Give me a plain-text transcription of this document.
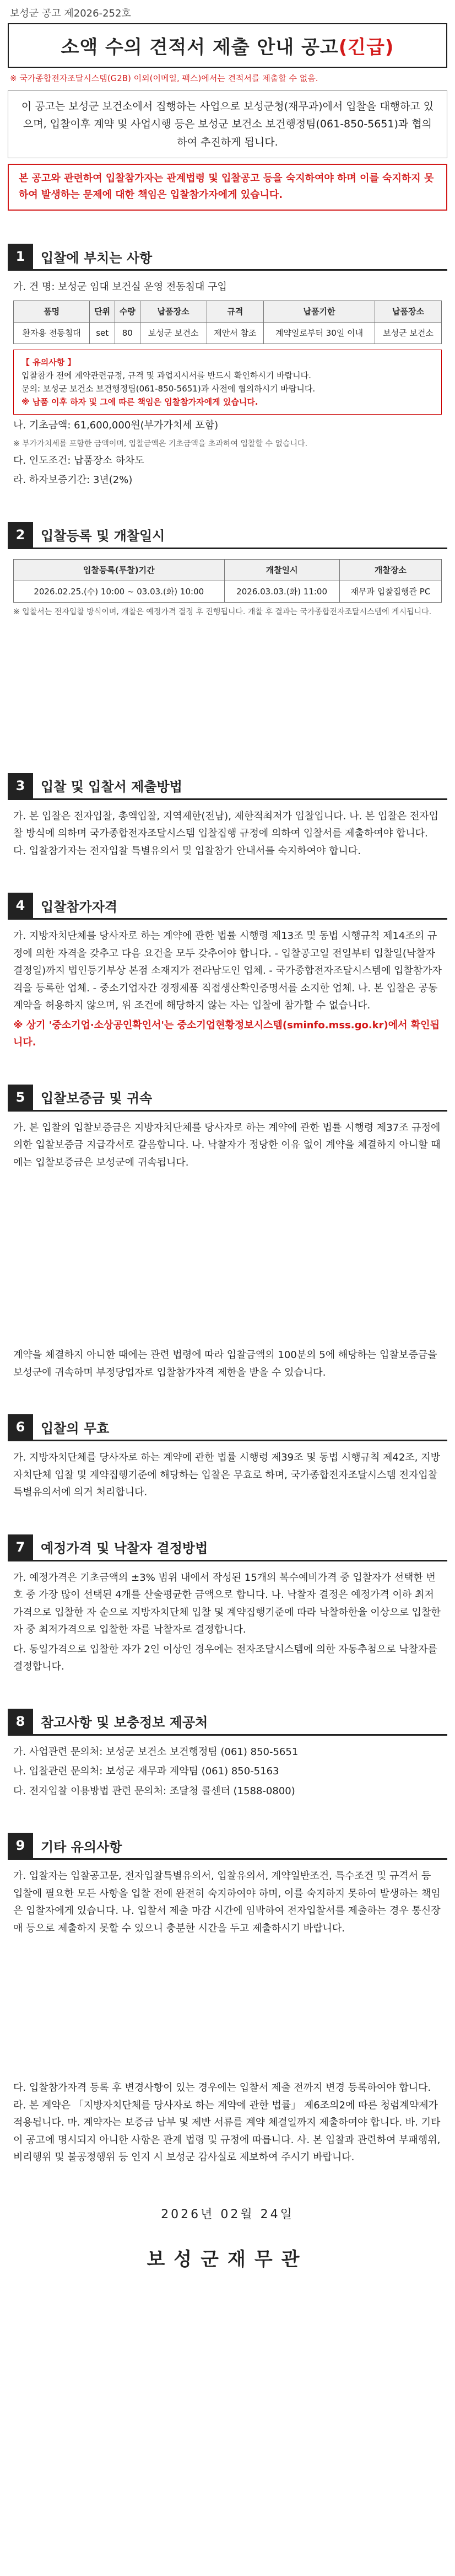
보성군 공고 제2026-252호
소액 수의 견적서 제출 안내 공고(긴급)
※ 국가종합전자조달시스템(G2B) 이외(이메일, 팩스)에서는 견적서를 제출할 수 없음.
이 공고는 보성군 보건소에서 집행하는 사업으로 보성군청(재무과)에서 입찰을 대행하고 있으며, 입찰이후 계약 및 사업시행 등은 보성군 보건소 보건행정팀(061-850-5651)과 협의하여 추진하게 됩니다.
본 공고와 관련하여 입찰참가자는 관계법령 및 입찰공고 등을 숙지하여야 하며 이를 숙지하지 못하여 발생하는 문제에 대한 책임은 입찰참가자에게 있습니다.
1	입찰에 부치는 사항

가. 건 명: 보성군 임대 보건실 운영 전동침대 구입

품명	단위	수량	납품장소	규격	납품기한	납품장소
환자용 전동침대	set	80	보성군 보건소	제안서 참조	계약일로부터 30일 이내	보성군 보건소
【 유의사항 】
입찰참가 전에 계약관련규정, 규격 및 과업지시서를 반드시 확인하시기 바랍니다.
문의: 보성군 보건소 보건행정팀(061-850-5651)과 사전에 협의하시기 바랍니다.
※ 납품 이후 하자 및 그에 따른 책임은 입찰참가자에게 있습니다.

나. 기초금액: 61,600,000원(부가가치세 포함)

※ 부가가치세를 포함한 금액이며, 입찰금액은 기초금액을 초과하여 입찰할 수 없습니다.

다. 인도조건: 납품장소 하차도

라. 하자보증기간: 3년(2%)

2	입찰등록 및 개찰일시
입찰등록(투찰)기간	개찰일시	개찰장소
2026.02.25.(수) 10:00 ~ 03.03.(화) 10:00	2026.03.03.(화) 11:00	재무과 입찰집행관 PC
※ 입찰서는 전자입찰 방식이며, 개찰은 예정가격 결정 후 진행됩니다. 개찰 후 결과는 국가종합전자조달시스템에 게시됩니다.
3	입찰 및 입찰서 제출방법

가. 본 입찰은 전자입찰, 총액입찰, 지역제한(전남), 제한적최저가 입찰입니다. 나. 본 입찰은 전자입찰 방식에 의하며 국가종합전자조달시스템 입찰집행 규정에 의하여 입찰서를 제출하여야 합니다. 다. 입찰참가자는 전자입찰 특별유의서 및 입찰참가 안내서를 숙지하여야 합니다.

4	입찰참가자격

가. 지방자치단체를 당사자로 하는 계약에 관한 법률 시행령 제13조 및 동법 시행규칙 제14조의 규정에 의한 자격을 갖추고 다음 요건을 모두 갖추어야 합니다. - 입찰공고일 전일부터 입찰일(낙찰자 결정일)까지 법인등기부상 본점 소재지가 전라남도인 업체. - 국가종합전자조달시스템에 입찰참가자격을 등록한 업체. - 중소기업자간 경쟁제품 직접생산확인증명서를 소지한 업체. 나. 본 입찰은 공동계약을 허용하지 않으며, 위 조건에 해당하지 않는 자는 입찰에 참가할 수 없습니다.

※ 상기 '중소기업·소상공인확인서'는 중소기업현황정보시스템(sminfo.mss.go.kr)에서 확인됩니다.

5	입찰보증금 및 귀속

가. 본 입찰의 입찰보증금은 지방자치단체를 당사자로 하는 계약에 관한 법률 시행령 제37조 규정에 의한 입찰보증금 지급각서로 갈음합니다. 나. 낙찰자가 정당한 이유 없이 계약을 체결하지 아니할 때에는 입찰보증금은 보성군에 귀속됩니다.

계약을 체결하지 아니한 때에는 관련 법령에 따라 입찰금액의 100분의 5에 해당하는 입찰보증금을 보성군에 귀속하며 부정당업자로 입찰참가자격 제한을 받을 수 있습니다.

6	입찰의 무효

가. 지방자치단체를 당사자로 하는 계약에 관한 법률 시행령 제39조 및 동법 시행규칙 제42조, 지방자치단체 입찰 및 계약집행기준에 해당하는 입찰은 무효로 하며, 국가종합전자조달시스템 전자입찰 특별유의서에 의거 처리합니다.

7	예정가격 및 낙찰자 결정방법

가. 예정가격은 기초금액의 ±3% 범위 내에서 작성된 15개의 복수예비가격 중 입찰자가 선택한 번호 중 가장 많이 선택된 4개를 산술평균한 금액으로 합니다. 나. 낙찰자 결정은 예정가격 이하 최저가격으로 입찰한 자 순으로 지방자치단체 입찰 및 계약집행기준에 따라 낙찰하한율 이상으로 입찰한 자 중 최저가격으로 입찰한 자를 낙찰자로 결정합니다.

다. 동일가격으로 입찰한 자가 2인 이상인 경우에는 전자조달시스템에 의한 자동추첨으로 낙찰자를 결정합니다.

8	참고사항 및 보충정보 제공처

가. 사업관련 문의처: 보성군 보건소 보건행정팀 (061) 850-5651

나. 입찰관련 문의처: 보성군 재무과 계약팀 (061) 850-5163

다. 전자입찰 이용방법 관련 문의처: 조달청 콜센터 (1588-0800)

9	기타 유의사항

가. 입찰자는 입찰공고문, 전자입찰특별유의서, 입찰유의서, 계약일반조건, 특수조건 및 규격서 등 입찰에 필요한 모든 사항을 입찰 전에 완전히 숙지하여야 하며, 이를 숙지하지 못하여 발생하는 책임은 입찰자에게 있습니다. 나. 입찰서 제출 마감 시간에 임박하여 전자입찰서를 제출하는 경우 통신장애 등으로 제출하지 못할 수 있으니 충분한 시간을 두고 제출하시기 바랍니다.

다. 입찰참가자격 등록 후 변경사항이 있는 경우에는 입찰서 제출 전까지 변경 등록하여야 합니다. 라. 본 계약은 「지방자치단체를 당사자로 하는 계약에 관한 법률」 제6조의2에 따른 청렴계약제가 적용됩니다. 마. 계약자는 보증금 납부 및 제반 서류를 계약 체결일까지 제출하여야 합니다. 바. 기타 이 공고에 명시되지 아니한 사항은 관계 법령 및 규정에 따릅니다. 사. 본 입찰과 관련하여 부패행위, 비리행위 및 불공정행위 등 인지 시 보성군 감사실로 제보하여 주시기 바랍니다.

2026년 02월 24일
보성군재무관
